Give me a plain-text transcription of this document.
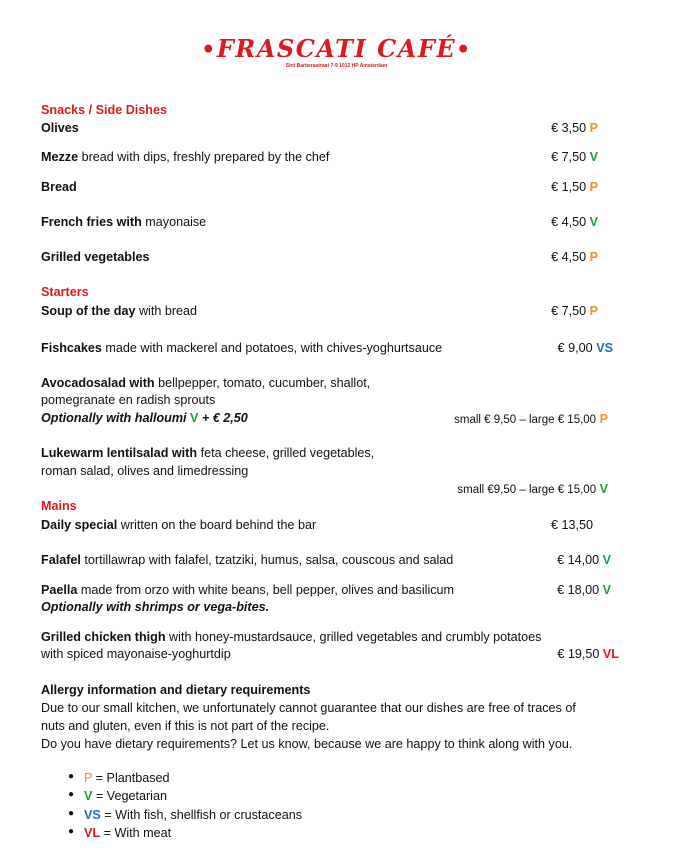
•FRASCATI CAFÉ•
Sint Barberastraat 7-9 1012 HP Amsterdam
Snacks / Side Dishes
Olives	€ 3,50 P
Mezze bread with dips, freshly prepared by the chef	€ 7,50 V
Bread	€ 1,50 P
French fries with mayonaise	€ 4,50 V
Grilled vegetables	€ 4,50 P
Starters
Soup of the day with bread	€ 7,50 P
Fishcakes made with mackerel and potatoes, with chives-yoghurtsauce	€ 9,00 VS
Avocadosalad with bellpepper, tomato, cucumber, shallot,
pomegranate en radish sprouts
Optionally with halloumi V + € 2,50	small € 9,50 – large € 15,00 P
Lukewarm lentilsalad with feta cheese, grilled vegetables,
roman salad, olives and limedressing
small €9,50 – large € 15,00 V
Mains
Daily special written on the board behind the bar	€ 13,50
Falafel tortillawrap with falafel, tzatziki, humus, salsa, couscous and salad	€ 14,00 V
Paella made from orzo with white beans, bell pepper, olives and basilicum	€ 18,00 V
Optionally with shrimps or vega-bites.
Grilled chicken thigh with honey-mustardsauce, grilled vegetables and crumbly potatoes
with spiced mayonaise-yoghurtdip	€ 19,50 VL
Allergy information and dietary requirements
Due to our small kitchen, we unfortunately cannot guarantee that our dishes are free of traces of
nuts and gluten, even if this is not part of the recipe.
Do you have dietary requirements? Let us know, because we are happy to think along with you.
● P = Plantbased
● V = Vegetarian
● VS = With fish, shellfish or crustaceans
● VL = With meat
